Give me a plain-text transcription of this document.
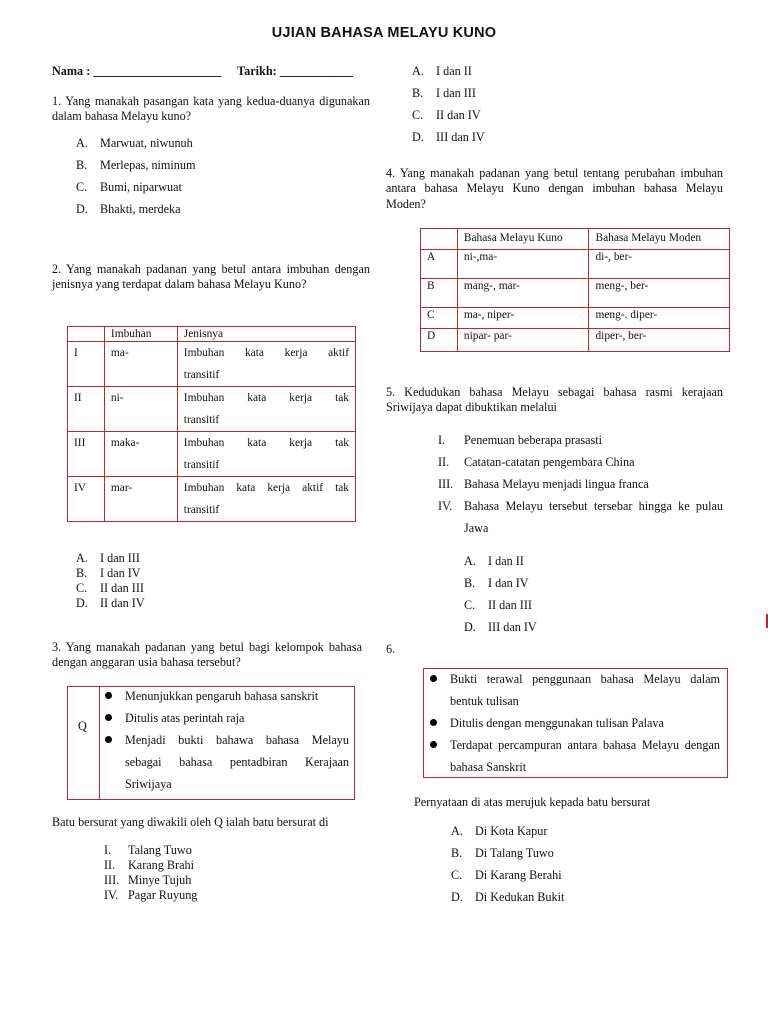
UJIAN BAHASA MELAYU KUNO
Nama : _____________________ Tarikh: ____________
1. Yang manakah pasangan kata yang kedua-duanya digunakan dalam bahasa Melayu kuno?
A. Marwuat, niwunuh
B. Merlepas, niminum
C. Bumi, niparwuat
D. Bhakti, merdeka
2. Yang manakah padanan yang betul antara imbuhan dengan jenisnya yang terdapat dalam bahasa Melayu Kuno?
	Imbuhan	Jenisnya
I	ma-	Imbuhan kata kerja aktif
transitif

II	ni-	Imbuhan kata kerja tak
transitif

III	maka-	Imbuhan kata kerja tak
transitif

IV	mar-	Imbuhan kata kerja aktif tak
transitif
A. I dan III
B. I dan IV
C. II dan III
D. II dan IV
3. Yang manakah padanan yang betul bagi kelompok bahasa dengan anggaran usia bahasa tersebut?
Q
Menunjukkan pengaruh bahasa sanskrit
Ditulis atas perintah raja
Menjadi bukti bahawa bahasa Melayu sebagai bahasa pentadbiran Kerajaan Sriwijaya
Batu bersurat yang diwakili oleh Q ialah batu bersurat di
I. Talang Tuwo
II. Karang Brahi
III. Minye Tujuh
IV. Pagar Ruyung
A. I dan II
B. I dan III
C. II dan IV
D. III dan IV
4. Yang manakah padanan yang betul tentang perubahan imbuhan antara bahasa Melayu Kuno dengan imbuhan bahasa Melayu Moden?
	Bahasa Melayu Kuno	Bahasa Melayu Moden
A	ni-,ma-	di-, ber-
B	mang-, mar-	meng-, ber-
C	ma-, niper-	meng-. diper-
D	nipar- par-	diper-, ber-
5. Kedudukan bahasa Melayu sebagai bahasa rasmi kerajaan Sriwijaya dapat dibuktikan melalui
I.	Penemuan beberapa prasasti
II.	Catatan-catatan pengembara China
III. Bahasa Melayu menjadi lingua franca
IV. Bahasa Melayu tersebut tersebar hingga ke pulau Jawa
A. I dan II
B. I dan IV
C. II dan III
D. III dan IV
6.
Bukti terawal penggunaan bahasa Melayu dalam bentuk tulisan
Ditulis dengan menggunakan tulisan Palava
Terdapat percampuran antara bahasa Melayu dengan bahasa Sanskrit
Pernyataan di atas merujuk kepada batu bersurat
A. Di Kota Kapur
B. Di Talang Tuwo
C. Di Karang Berahi
D. Di Kedukan Bukit
